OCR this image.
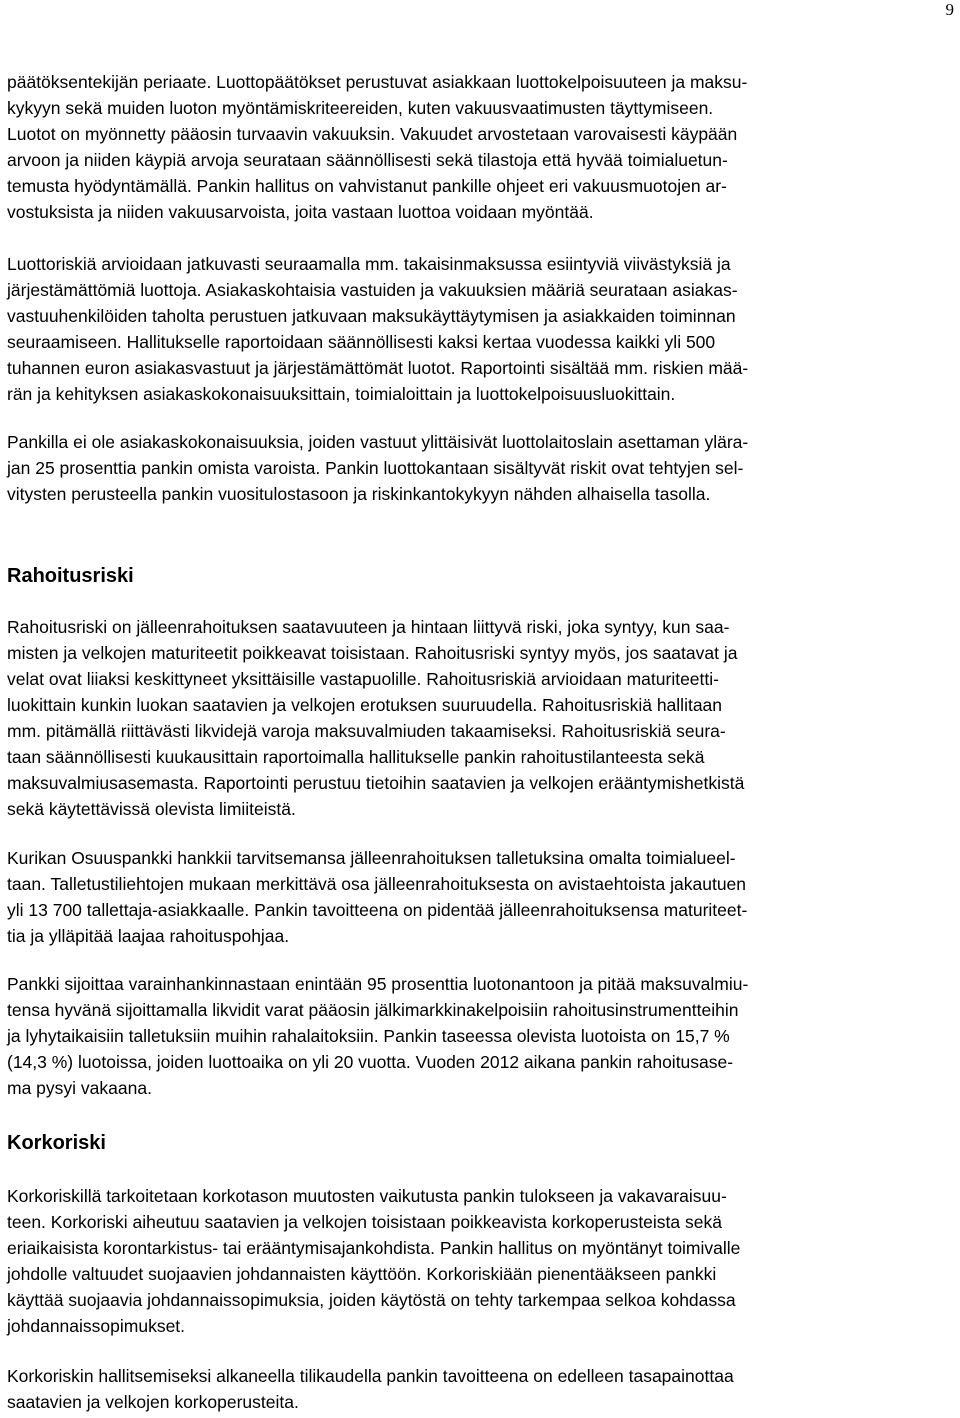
9
päätöksentekijän periaate. Luottopäätökset perustuvat asiakkaan luottokelpoisuuteen ja maksu-
kykyyn sekä muiden luoton myöntämiskriteereiden, kuten vakuusvaatimusten täyttymiseen.
Luotot on myönnetty pääosin turvaavin vakuuksin. Vakuudet arvostetaan varovaisesti käypään
arvoon ja niiden käypiä arvoja seurataan säännöllisesti sekä tilastoja että hyvää toimialuetun-
temusta hyödyntämällä. Pankin hallitus on vahvistanut pankille ohjeet eri vakuusmuotojen ar-
vostuksista ja niiden vakuusarvoista, joita vastaan luottoa voidaan myöntää.
Luottoriskiä arvioidaan jatkuvasti seuraamalla mm. takaisinmaksussa esiintyviä viivästyksiä ja
järjestämättömiä luottoja. Asiakaskohtaisia vastuiden ja vakuuksien määriä seurataan asiakas-
vastuuhenkilöiden taholta perustuen jatkuvaan maksukäyttäytymisen ja asiakkaiden toiminnan
seuraamiseen. Hallitukselle raportoidaan säännöllisesti kaksi kertaa vuodessa kaikki yli 500
tuhannen euron asiakasvastuut ja järjestämättömät luotot. Raportointi sisältää mm. riskien mää-
rän ja kehityksen asiakaskokonaisuuksittain, toimialoittain ja luottokelpoisuusluokittain.
Pankilla ei ole asiakaskokonaisuuksia, joiden vastuut ylittäisivät luottolaitoslain asettaman ylära-
jan 25 prosenttia pankin omista varoista. Pankin luottokantaan sisältyvät riskit ovat tehtyjen sel-
vitysten perusteella pankin vuositulostasoon ja riskinkantokykyyn nähden alhaisella tasolla.
Rahoitusriski
Rahoitusriski on jälleenrahoituksen saatavuuteen ja hintaan liittyvä riski, joka syntyy, kun saa-
misten ja velkojen maturiteetit poikkeavat toisistaan. Rahoitusriski syntyy myös, jos saatavat ja
velat ovat liiaksi keskittyneet yksittäisille vastapuolille. Rahoitusriskiä arvioidaan maturiteetti-
luokittain kunkin luokan saatavien ja velkojen erotuksen suuruudella. Rahoitusriskiä hallitaan
mm. pitämällä riittävästi likvidejä varoja maksuvalmiuden takaamiseksi. Rahoitusriskiä seura-
taan säännöllisesti kuukausittain raportoimalla hallitukselle pankin rahoitustilanteesta sekä
maksuvalmiusasemasta. Raportointi perustuu tietoihin saatavien ja velkojen erääntymishetkistä
sekä käytettävissä olevista limiiteistä.
Kurikan Osuuspankki hankkii tarvitsemansa jälleenrahoituksen talletuksina omalta toimialueel-
taan. Talletustiliehtojen mukaan merkittävä osa jälleenrahoituksesta on avistaehtoista jakautuen
yli 13 700 tallettaja-asiakkaalle. Pankin tavoitteena on pidentää jälleenrahoituksensa maturiteet-
tia ja ylläpitää laajaa rahoituspohjaa.
Pankki sijoittaa varainhankinnastaan enintään 95 prosenttia luotonantoon ja pitää maksuvalmiu-
tensa hyvänä sijoittamalla likvidit varat pääosin jälkimarkkinakelpoisiin rahoitusinstrumentteihin
ja lyhytaikaisiin talletuksiin muihin rahalaitoksiin. Pankin taseessa olevista luotoista on 15,7 %
(14,3 %) luotoissa, joiden luottoaika on yli 20 vuotta. Vuoden 2012 aikana pankin rahoitusase-
ma pysyi vakaana.
Korkoriski
Korkoriskillä tarkoitetaan korkotason muutosten vaikutusta pankin tulokseen ja vakavaraisuu-
teen. Korkoriski aiheutuu saatavien ja velkojen toisistaan poikkeavista korkoperusteista sekä
eriaikaisista korontarkistus- tai erääntymisajankohdista. Pankin hallitus on myöntänyt toimivalle
johdolle valtuudet suojaavien johdannaisten käyttöön. Korkoriskiään pienentääkseen pankki
käyttää suojaavia johdannaissopimuksia, joiden käytöstä on tehty tarkempaa selkoa kohdassa
johdannaissopimukset.
Korkoriskin hallitsemiseksi alkaneella tilikaudella pankin tavoitteena on edelleen tasapainottaa
saatavien ja velkojen korkoperusteita.
